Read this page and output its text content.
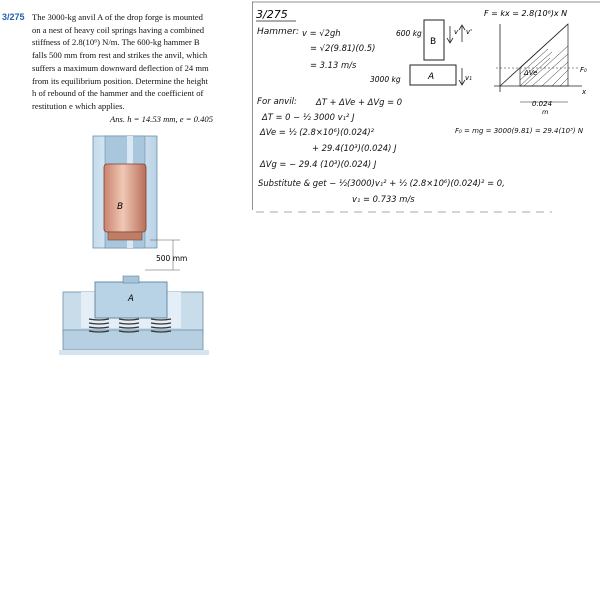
3/275 The 3000-kg anvil A of the drop forge is mounted
on a nest of heavy coil springs having a combined
stiffness of 2.8(10⁶) N/m. The 600-kg hammer B
falls 500 mm from rest and strikes the anvil, which
suffers a maximum downward deflection of 24 mm
from its equilibrium position. Determine the height
h of rebound of the hammer and the coefficient of
restitution e which applies.
Ans. h = 14.53 mm, e = 0.405
B
500 mm
A
3/275
600 kg
B
v v'
3000 kg	A	v₁
F = kx = 2.8(10⁶)x N
ΔVe	F₀
x
0.024
m
Hammer: v = √2gh
= √2(9.81)(0.5)
= 3.13 m/s
For anvil: ΔT + ΔVe + ΔVg = 0
ΔT = 0 − ½ 3000 v₁² J
ΔVe = ½ (2.8×10⁶)(0.024)²	F₀ = mg = 3000(9.81) = 29.4(10³) N
+ 29.4(10³)(0.024) J
ΔVg = − 29.4 (10³)(0.024) J
Substitute & get − ½(3000)v₁² + ½ (2.8×10⁶)(0.024)² = 0,
v₁ = 0.733 m/s
